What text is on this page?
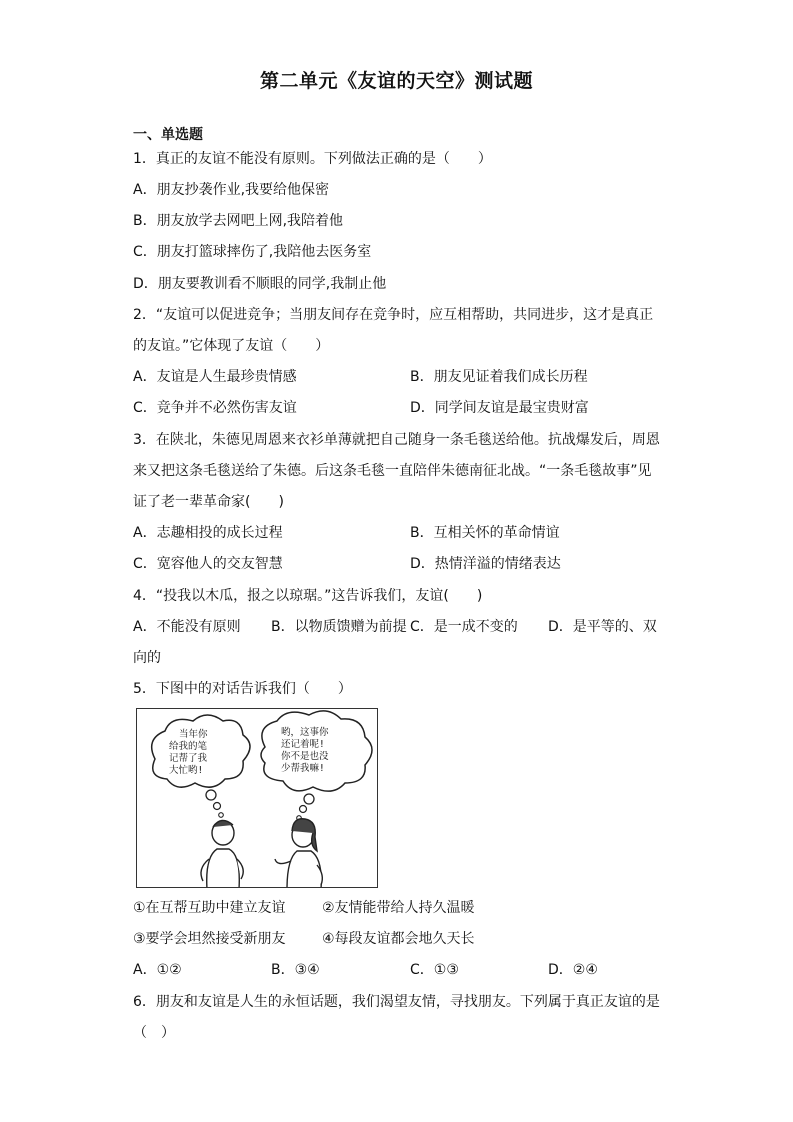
第二单元《友谊的天空》测试题
一、单选题
1．真正的友谊不能没有原则。下列做法正确的是（　　）
A．朋友抄袭作业,我要给他保密
B．朋友放学去网吧上网,我陪着他
C．朋友打篮球摔伤了,我陪他去医务室
D．朋友要教训看不顺眼的同学,我制止他
2．“友谊可以促进竞争；当朋友间存在竞争时，应互相帮助，共同进步，这才是真正
的友谊。”它体现了友谊（　　）
A．友谊是人生最珍贵情感	B．朋友见证着我们成长历程
C．竞争并不必然伤害友谊	D．同学间友谊是最宝贵财富
3．在陕北，朱德见周恩来衣衫单薄就把自己随身一条毛毯送给他。抗战爆发后，周恩
来又把这条毛毯送给了朱德。后这条毛毯一直陪伴朱德南征北战。“一条毛毯故事”见
证了老一辈革命家(　　)
A．志趣相投的成长过程	B．互相关怀的革命情谊
C．宽容他人的交友智慧	D．热情洋溢的情绪表达
4．“投我以木瓜，报之以琼琚。”这告诉我们，友谊(　　)
A．不能没有原则 B．以物质馈赠为前提 C．是一成不变的 D．是平等的、双
向的
5．下图中的对话告诉我们（　　）
当年你
给我的笔
记帮了我
大忙哟!
哟，这事你
还记着呢!
你不是也没
少帮我嘛!
①在互帮互助中建立友谊	②友情能带给人持久温暖
③要学会坦然接受新朋友	④每段友谊都会地久天长
A．①②	B．③④	C．①③	D．②④
6．朋友和友谊是人生的永恒话题，我们渴望友情，寻找朋友。下列属于真正友谊的是
（　）
